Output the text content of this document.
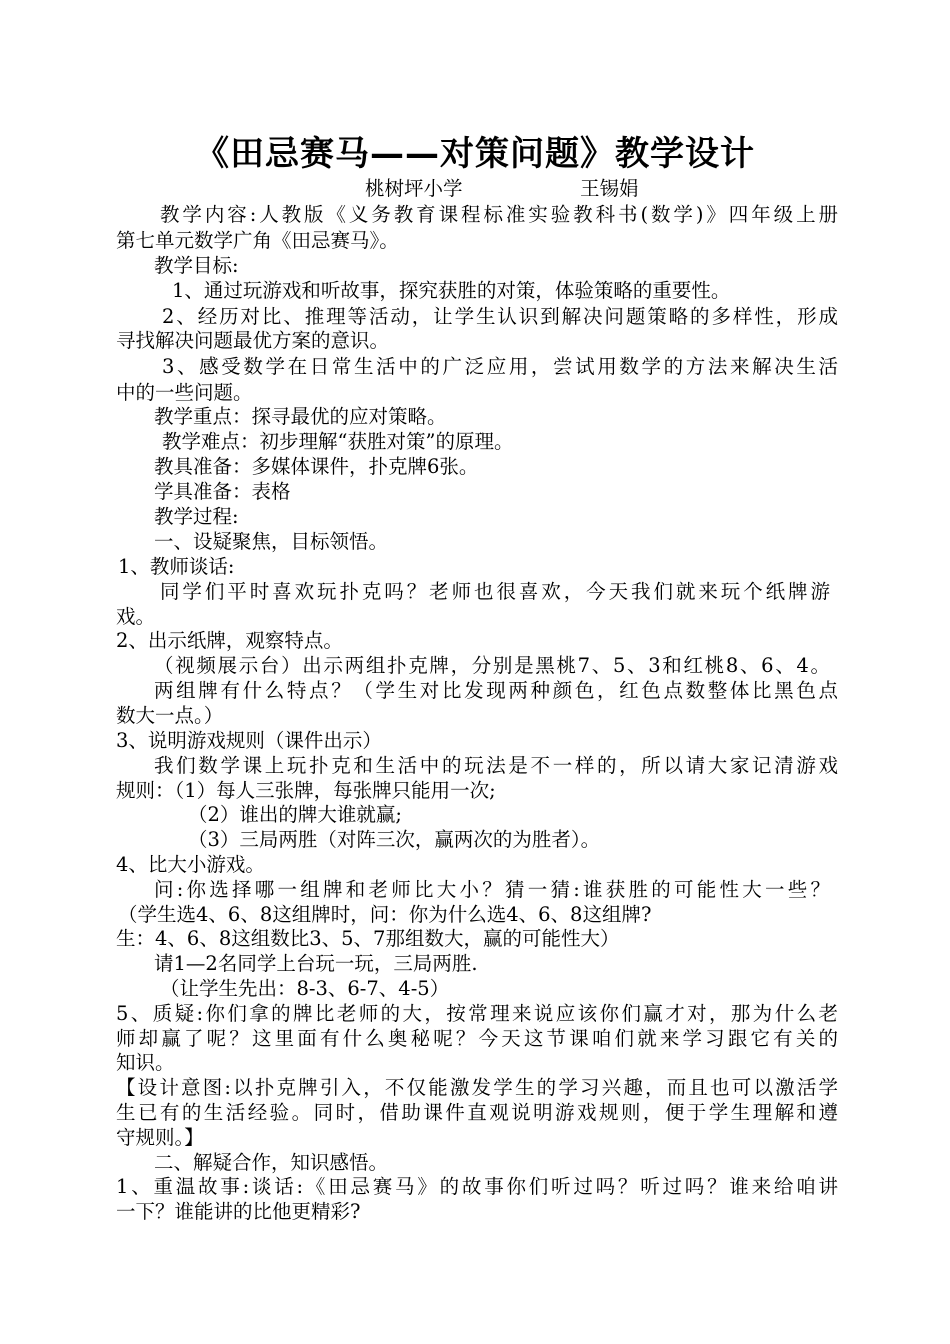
《田忌赛马——对策问题》教学设计
桃树坪小学	王锡娟
教学内容:人教版《义务教育课程标准实验教科书(数学)》四年级上册
第七单元数学广角《田忌赛马》。
教学目标:
1、通过玩游戏和听故事，探究获胜的对策，体验策略的重要性。
2、经历对比、推理等活动，让学生认识到解决问题策略的多样性，形成
寻找解决问题最优方案的意识。
3、感受数学在日常生活中的广泛应用，尝试用数学的方法来解决生活
中的一些问题。
教学重点：探寻最优的应对策略。
教学难点：初步理解“获胜对策”的原理。
教具准备：多媒体课件，扑克牌6张。
学具准备：表格
教学过程:
一、设疑聚焦，目标领悟。
1、教师谈话:
同学们平时喜欢玩扑克吗？老师也很喜欢，今天我们就来玩个纸牌游
戏。
2、出示纸牌，观察特点。
（视频展示台）出示两组扑克牌，分别是黑桃7、5、3和红桃8、6、4。
两组牌有什么特点？（学生对比发现两种颜色，红色点数整体比黑色点
数大一点。）
3、说明游戏规则（课件出示）
我们数学课上玩扑克和生活中的玩法是不一样的，所以请大家记清游戏
规则：（1）每人三张牌，每张牌只能用一次;
（2）谁出的牌大谁就赢;
（3）三局两胜（对阵三次，赢两次的为胜者）。
4、比大小游戏。
问:你选择哪一组牌和老师比大小？猜一猜:谁获胜的可能性大一些？
（学生选4、6、8这组牌时，问：你为什么选4、6、8这组牌?
生：4、6、8这组数比3、5、7那组数大，赢的可能性大）
请1—2名同学上台玩一玩，三局两胜.
（让学生先出：8-3、6-7、4-5）
5、质疑:你们拿的牌比老师的大，按常理来说应该你们赢才对，那为什么老
师却赢了呢？这里面有什么奥秘呢？今天这节课咱们就来学习跟它有关的
知识。
【设计意图:以扑克牌引入，不仅能激发学生的学习兴趣，而且也可以激活学
生已有的生活经验。同时，借助课件直观说明游戏规则，便于学生理解和遵
守规则。】
二、解疑合作，知识感悟。
1、重温故事:谈话:《田忌赛马》的故事你们听过吗？听过吗？谁来给咱讲
一下？谁能讲的比他更精彩?
